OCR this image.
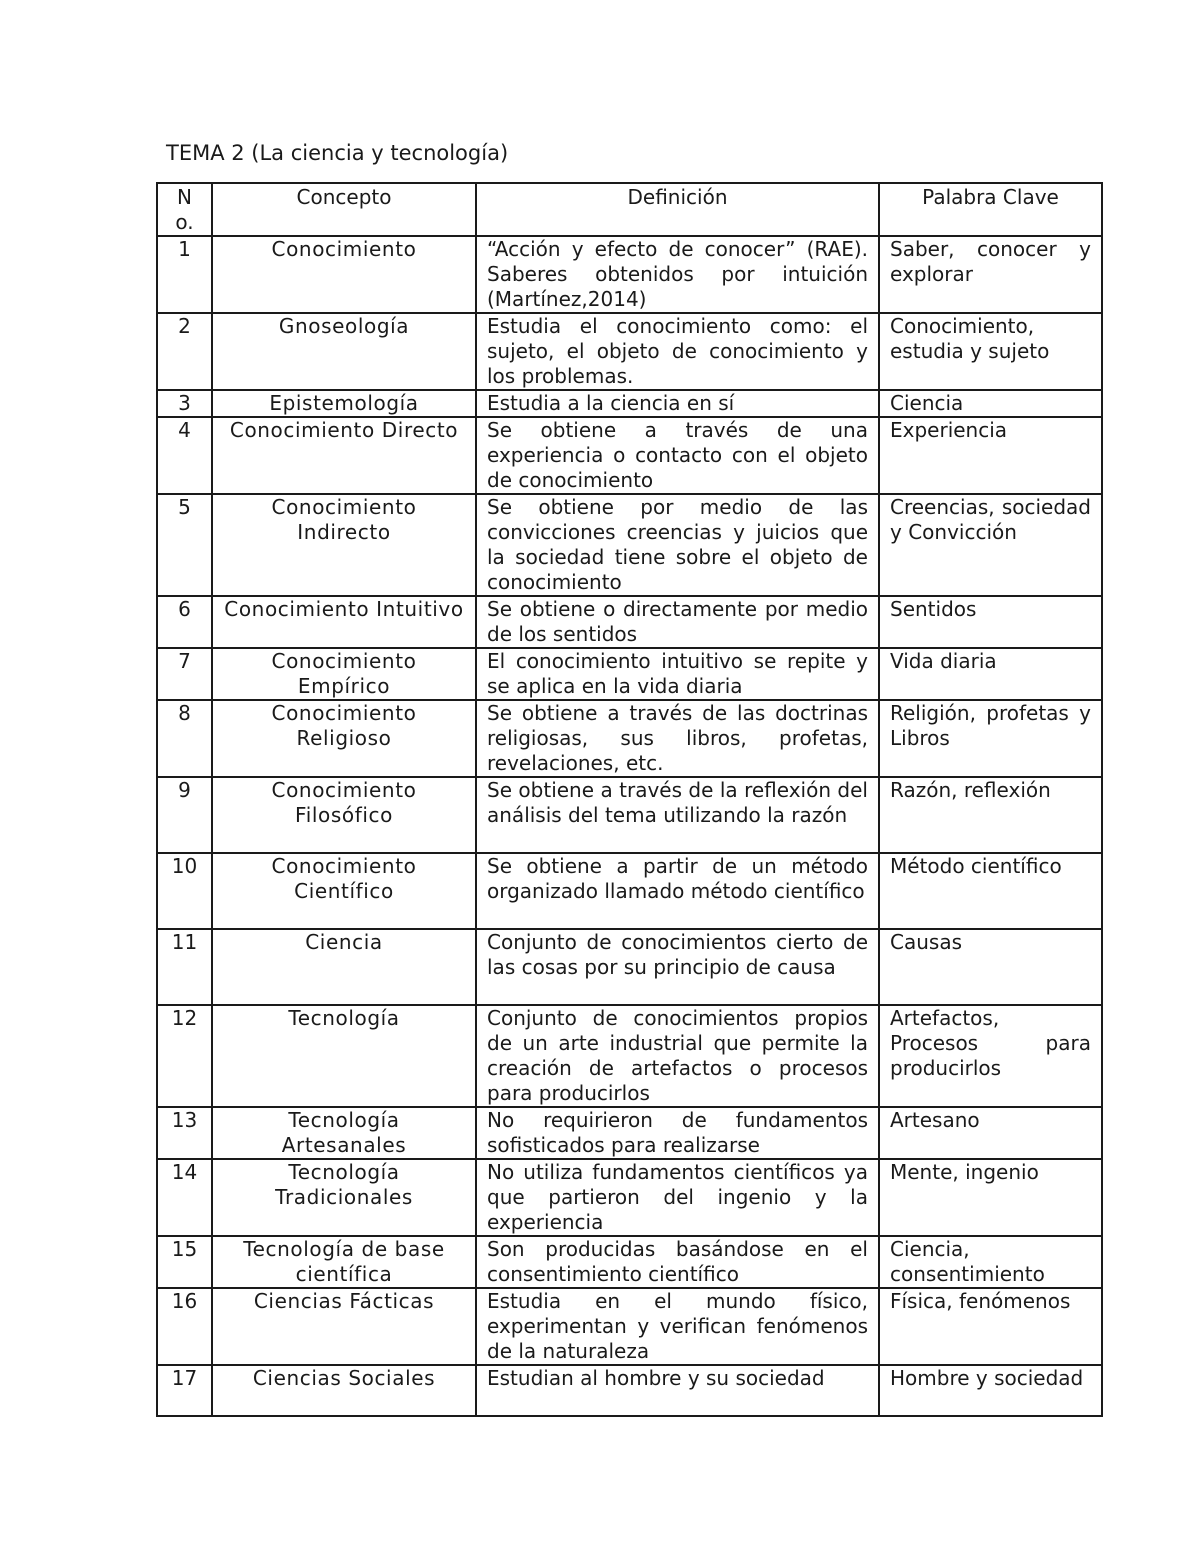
TEMA 2 (La ciencia y tecnología)
No.	Concepto	Definición	Palabra Clave
1	Conocimiento	“Acción y efecto de conocer” (RAE). Saberes obtenidos por intuición (Martínez,2014)	Saber, conocer y explorar
2	Gnoseología	Estudia el conocimiento como: el sujeto, el objeto de conocimiento y los problemas.	Conocimiento, estudia y sujeto
3	Epistemología	Estudia a la ciencia en sí	Ciencia
4	Conocimiento Directo	Se obtiene a través de una experiencia o contacto con el objeto de conocimiento	Experiencia
5	Conocimiento Indirecto	Se obtiene por medio de las convicciones creencias y juicios que la sociedad tiene sobre el objeto de conocimiento	Creencias, sociedad y Convicción
6	Conocimiento Intuitivo	Se obtiene o directamente por medio de los sentidos	Sentidos
7	Conocimiento Empírico	El conocimiento intuitivo se repite y se aplica en la vida diaria	Vida diaria
8	Conocimiento Religioso	Se obtiene a través de las doctrinas religiosas, sus libros, profetas, revelaciones, etc.	Religión, profetas y Libros
9	Conocimiento Filosófico	Se obtiene a través de la reflexión del análisis del tema utilizando la razón	Razón, reflexión
10	Conocimiento Científico	Se obtiene a partir de un método organizado llamado método científico	Método científico
11	Ciencia	Conjunto de conocimientos cierto de las cosas por su principio de causa	Causas
12	Tecnología	Conjunto de conocimientos propios de un arte industrial que permite la creación de artefactos o procesos para producirlos	Artefactos, Procesos para producirlos
13	Tecnología Artesanales	No requirieron de fundamentos sofisticados para realizarse	Artesano
14	Tecnología Tradicionales	No utiliza fundamentos científicos ya que partieron del ingenio y la experiencia	Mente, ingenio
15	Tecnología de base científica	Son producidas basándose en el consentimiento científico	Ciencia, consentimiento
16	Ciencias Fácticas	Estudia en el mundo físico, experimentan y verifican fenómenos de la naturaleza	Física, fenómenos
17	Ciencias Sociales	Estudian al hombre y su sociedad	Hombre y sociedad
